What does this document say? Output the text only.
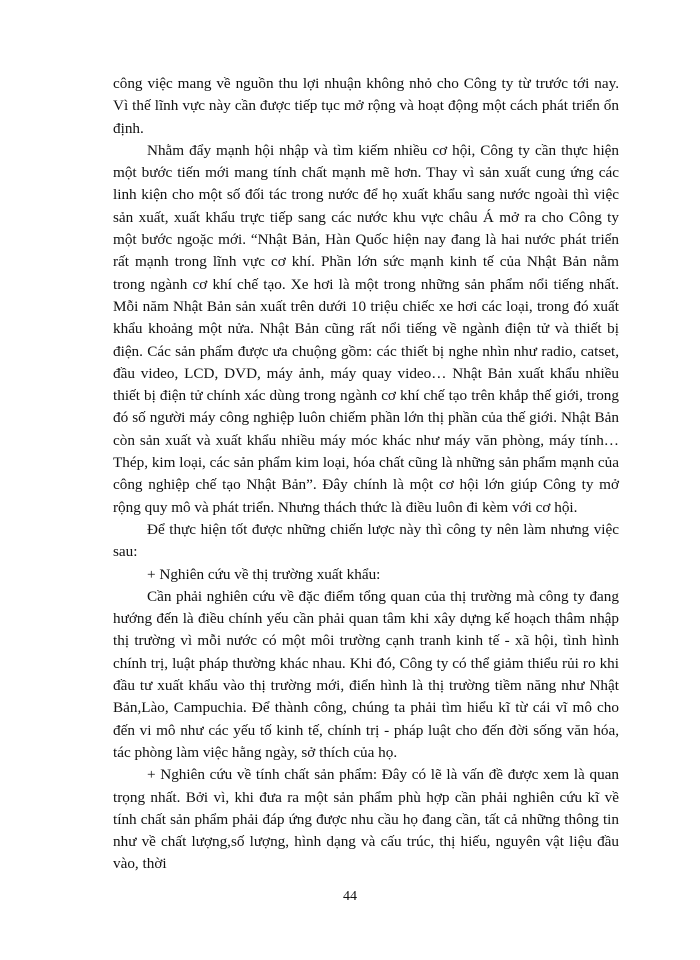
công việc mang về nguồn thu lợi nhuận không nhỏ cho Công ty từ trước tới nay. Vì thế lĩnh vực này cần được tiếp tục mở rộng và hoạt động một cách phát triển ổn định.

Nhằm đẩy mạnh hội nhập và tìm kiếm nhiều cơ hội, Công ty cần thực hiện một bước tiến mới mang tính chất mạnh mẽ hơn. Thay vì sản xuất cung ứng các linh kiện cho một số đối tác trong nước để họ xuất khẩu sang nước ngoài thì việc sản xuất, xuất khẩu trực tiếp sang các nước khu vực châu Á mở ra cho Công ty một bước ngoặc mới. “Nhật Bản, Hàn Quốc hiện nay đang là hai nước phát triển rất mạnh trong lĩnh vực cơ khí. Phần lớn sức mạnh kinh tế của Nhật Bản nằm trong ngành cơ khí chế tạo. Xe hơi là một trong những sản phẩm nổi tiếng nhất. Mỗi năm Nhật Bản sản xuất trên dưới 10 triệu chiếc xe hơi các loại, trong đó xuất khẩu khoảng một nửa. Nhật Bản cũng rất nổi tiếng về ngành điện tử và thiết bị điện. Các sản phẩm được ưa chuộng gồm: các thiết bị nghe nhìn như radio, catset, đầu video, LCD, DVD, máy ảnh, máy quay video… Nhật Bản xuất khẩu nhiều thiết bị điện tử chính xác dùng trong ngành cơ khí chế tạo trên khắp thế giới, trong đó số người máy công nghiệp luôn chiếm phần lớn thị phần của thế giới. Nhật Bản còn sản xuất và xuất khẩu nhiều máy móc khác như máy văn phòng, máy tính… Thép, kim loại, các sản phẩm kim loại, hóa chất cũng là những sản phẩm mạnh của công nghiệp chế tạo Nhật Bản”. Đây chính là một cơ hội lớn giúp Công ty mở rộng quy mô và phát triển. Nhưng thách thức là điều luôn đi kèm với cơ hội.

Để thực hiện tốt được những chiến lược này thì công ty nên làm nhưng việc sau:

+ Nghiên cứu về thị trường xuất khẩu:

Cần phải nghiên cứu về đặc điểm tổng quan của thị trường mà công ty đang hướng đến là điều chính yếu cần phải quan tâm khi xây dựng kế hoạch thâm nhập thị trường vì mỗi nước có một môi trường cạnh tranh kinh tế - xã hội, tình hình chính trị, luật pháp thường khác nhau. Khi đó, Công ty có thể giảm thiểu rủi ro khi đầu tư xuất khẩu vào thị trường mới, điển hình là thị trường tiềm năng như Nhật Bản,Lào, Campuchia. Để thành công, chúng ta phải tìm hiểu kĩ từ cái vĩ mô cho đến vi mô như các yếu tố kinh tế, chính trị - pháp luật cho đến đời sống văn hóa, tác phòng làm việc hằng ngày, sở thích của họ.

+ Nghiên cứu về tính chất sản phẩm: Đây có lẽ là vấn đề được xem là quan trọng nhất. Bởi vì, khi đưa ra một sản phẩm phù hợp cần phải nghiên cứu kĩ về tính chất sản phẩm phải đáp ứng được nhu cầu họ đang cần, tất cả những thông tin như về chất lượng,số lượng, hình dạng và cấu trúc, thị hiếu, nguyên vật liệu đầu vào, thời

44
